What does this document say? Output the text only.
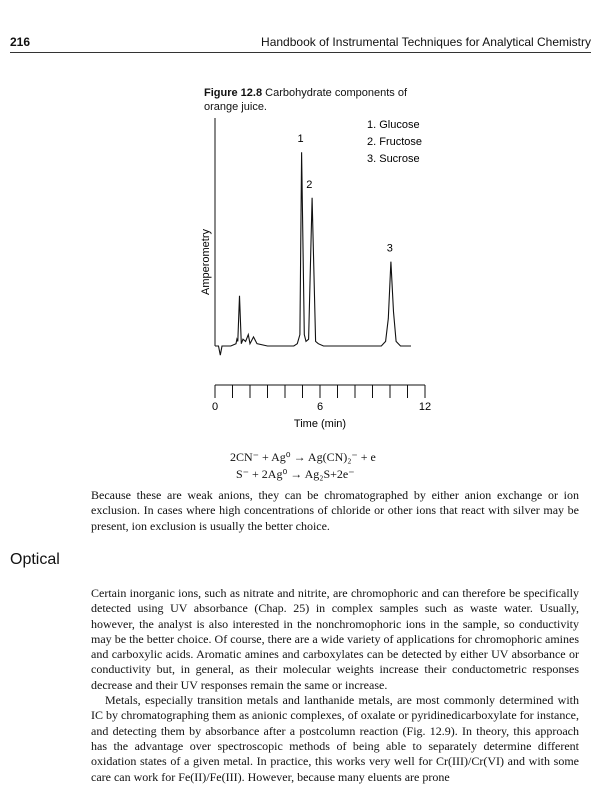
216	Handbook of Instrumental Techniques for Analytical Chemistry
Figure 12.8 Carbohydrate components of orange juice.
1. Glucose
2. Fructose
3. Sucrose
Amperometry
1
2
3
0	6	12
Time (min)
2CN⁻ + Ag⁰ → Ag(CN)₂⁻ + e
S⁻ + 2Ag⁰ → Ag₂S+2e⁻

Because these are weak anions, they can be chromatographed by either anion exchange or ion exclusion. In cases where high concentrations of chloride or other ions that react with silver may be present, ion exclusion is usually the better choice.

Optical

Certain inorganic ions, such as nitrate and nitrite, are chromophoric and can therefore be specifically detected using UV absorbance (Chap. 25) in complex samples such as waste water. Usually, however, the analyst is also interested in the nonchromophoric ions in the sample, so conductivity may be the better choice. Of course, there are a wide variety of applications for chromophoric amines and carboxylic acids. Aromatic amines and carboxylates can be detected by either UV absorbance or conductivity but, in general, as their molecular weights increase their conductometric responses decrease and their UV responses remain the same or increase.

Metals, especially transition metals and lanthanide metals, are most commonly determined with IC by chromatographing them as anionic complexes, of oxalate or pyridinedicarboxylate for instance, and detecting them by absorbance after a postcolumn reaction (Fig. 12.9). In theory, this approach has the advantage over spectroscopic methods of being able to separately determine different oxidation states of a given metal. In practice, this works very well for Cr(III)/Cr(VI) and with some care can work for Fe(II)/Fe(III). However, because many eluents are prone
